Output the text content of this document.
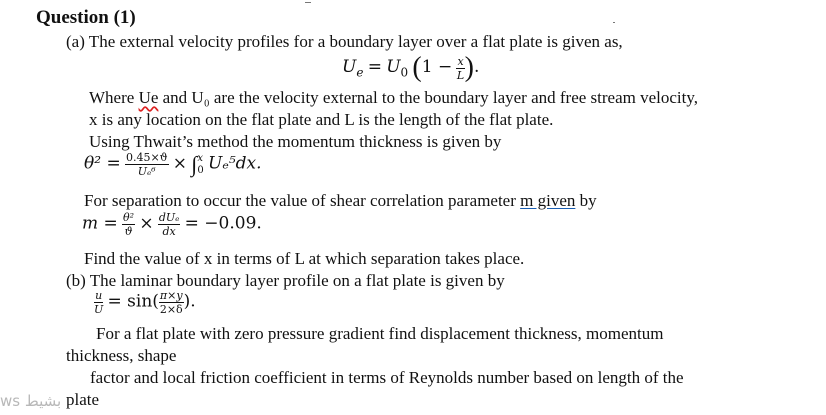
Question (1)
(a) The external velocity profiles for a boundary layer over a flat plate is given as,
$U_e = U_0$ ($1 - \frac{x}{L}$ ).
Where Ue and U₀ are the velocity external to the boundary layer and free stream velocity,
x is any location on the flat plate and L is the length of the flat plate.
Using Thwait’s method the momentum thickness is given by
$\theta^2 = \frac{0.45\times ϑ}{\text{Uₑ⁶}}$ × ∫ x
0 Uₑ⁵dx.
For separation to occur the value of shear correlation parameter m given by
$m = \frac{\text{θ²}}{ϑ} \times \frac{\text{dUₑ}}{dx} = -0.09$.
Find the value of x in terms of L at which separation takes place.
(b) The laminar boundary layer profile on a flat plate is given by
$\frac{u}{U} = \sin( \frac{\pi\times y}{2\times\delta}$ ).
For a flat plate with zero pressure gradient find displacement thickness, momentum
thickness, shape
factor and local friction coefficient in terms of Reynolds number based on length of the
plate
ws بشيط
